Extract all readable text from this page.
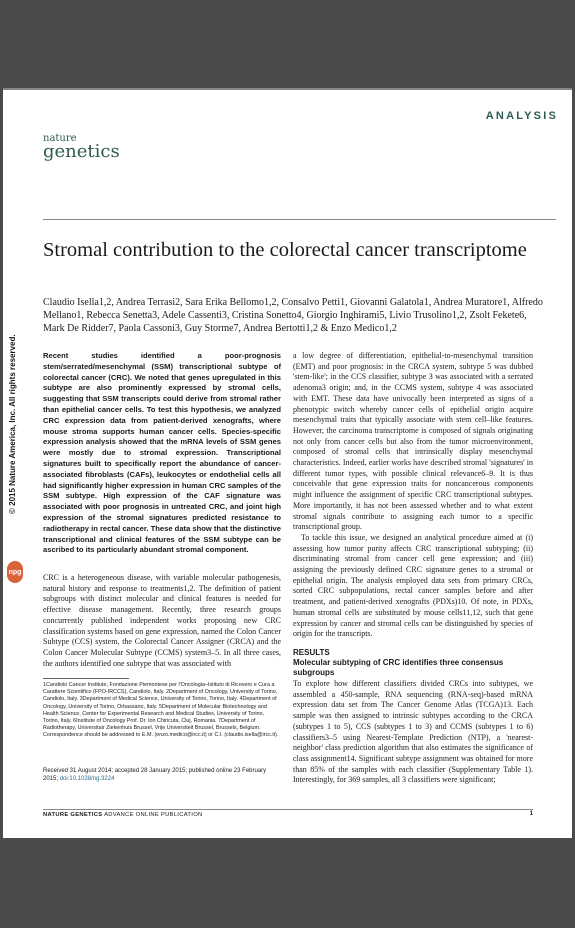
ANALYSIS
nature
genetics
Stromal contribution to the colorectal cancer transcriptome

Claudio Isella1,2, Andrea Terrasi2, Sara Erika Bellomo1,2, Consalvo Petti1, Giovanni Galatola1, Andrea Muratore1, Alfredo Mellano1, Rebecca Senetta3, Adele Cassenti3, Cristina Sonetto4, Giorgio Inghirami5, Livio Trusolino1,2, Zsolt Fekete6, Mark De Ridder7, Paola Cassoni3, Guy Storme7, Andrea Bertotti1,2 & Enzo Medico1,2

© 2015 Nature America, Inc. All rights reserved.
npg

Recent studies identified a poor-prognosis stem/serrated/mesenchymal (SSM) transcriptional subtype of colorectal cancer (CRC). We noted that genes upregulated in this subtype are also prominently expressed by stromal cells, suggesting that SSM transcripts could derive from stromal rather than epithelial cancer cells. To test this hypothesis, we analyzed CRC expression data from patient-derived xenografts, where mouse stroma supports human cancer cells. Species-specific expression analysis showed that the mRNA levels of SSM genes were mostly due to stromal expression. Transcriptional signatures built to specifically report the abundance of cancer-associated fibroblasts (CAFs), leukocytes or endothelial cells all had significantly higher expression in human CRC samples of the SSM subtype. High expression of the CAF signature was associated with poor prognosis in untreated CRC, and joint high expression of the stromal signatures predicted resistance to radiotherapy in rectal cancer. These data show that the distinctive transcriptional and clinical features of the SSM subtype can be ascribed to its particularly abundant stromal component.

CRC is a heterogeneous disease, with variable molecular pathogenesis, natural history and response to treatments1,2. The definition of patient subgroups with distinct molecular and clinical features is needed for effective disease management. Recently, three research groups concurrently published independent works proposing new CRC classification systems based on gene expression, named the Colon Cancer Subtype (CCS) system, the Colorectal Cancer Assigner (CRCA) and the Colon Cancer Molecular Subtype (CCMS) system3–5. In all three cases, the authors identified one subtype that was associated with

a low degree of differentiation, epithelial-to-mesenchymal transition (EMT) and poor prognosis: in the CRCA system, subtype 5 was dubbed 'stem-like'; in the CCS classifier, subtype 3 was associated with a serrated adenoma3 origin; and, in the CCMS system, subtype 4 was associated with EMT. These data have univocally been interpreted as signs of a phenotypic switch whereby cancer cells of epithelial origin acquire mesenchymal traits that typically associate with stem cell–like features. However, the carcinoma transcriptome is composed of signals originating not only from cancer cells but also from the tumor microenvironment, composed of stromal cells that intrinsically display mesenchymal characteristics. Indeed, earlier works have described stromal 'signatures' in different tumor types, with possible clinical relevance6–9. It is thus conceivable that gene expression traits for noncancerous components might influence the assignment of specific CRC transcriptional subtypes. More importantly, it has not been assessed whether and to what extent stromal signals contribute to assigning each tumor to a specific transcriptional group.

To tackle this issue, we designed an analytical procedure aimed at (i) assessing how tumor purity affects CRC transcriptional subtyping; (ii) discriminating stromal from cancer cell gene expression; and (iii) assigning the previously defined CRC signature genes to a stromal or epithelial origin. The analysis employed data sets from primary CRCs, sorted CRC subpopulations, rectal cancer samples before and after treatment, and patient-derived xenografts (PDXs)10. Of note, in PDXs, human stromal cells are substituted by mouse cells11,12, such that gene expression by cancer and stromal cells can be distinguished by species of origin for the transcripts.

RESULTS
Molecular subtyping of CRC identifies three consensus subgroups

To explore how different classifiers divided CRCs into subtypes, we assembled a 450-sample, RNA sequencing (RNA-seq)-based mRNA expression data set from The Cancer Genome Atlas (TCGA)13. Each sample was then assigned to intrinsic subtypes according to the CRCA (subtypes 1 to 5), CCS (subtypes 1 to 3) and CCMS (subtypes 1 to 6) classifiers3–5 using Nearest-Template Prediction (NTP), a 'nearest-neighbor' class prediction algorithm that also estimates the significance of class assignment14. Significant subtype assignment was obtained for more than 85% of the samples with each classifier (Supplementary Table 1). Interestingly, for 369 samples, all 3 classifiers were significant;

1Candiolo Cancer Institute, Fondazione Piemontese per l'Oncologia–Istituto di Ricovero e Cura a Carattere Scientifico (FPO-IRCCS), Candiolo, Italy. 2Department of Oncology, University of Torino, Candiolo, Italy. 3Department of Medical Science, University of Torino, Torino, Italy. 4Department of Oncology, University of Torino, Orbassano, Italy. 5Department of Molecular Biotechnology and Health Science, Center for Experimental Research and Medical Studies, University of Torino, Torino, Italy. 6Institute of Oncology Prof. Dr. Ion Chiricuta, Cluj, Romania. 7Department of Radiotherapy, Universitair Ziekenhuis Brussel, Vrije Universiteit Brussel, Brussels, Belgium. Correspondence should be addressed to E.M. (enzo.medico@ircc.it) or C.I. (claudio.isella@ircc.it).

Received 31 August 2014; accepted 28 January 2015; published online 23 February 2015; doi:10.1038/ng.3224

NATURE GENETICS ADVANCE ONLINE PUBLICATION	1
